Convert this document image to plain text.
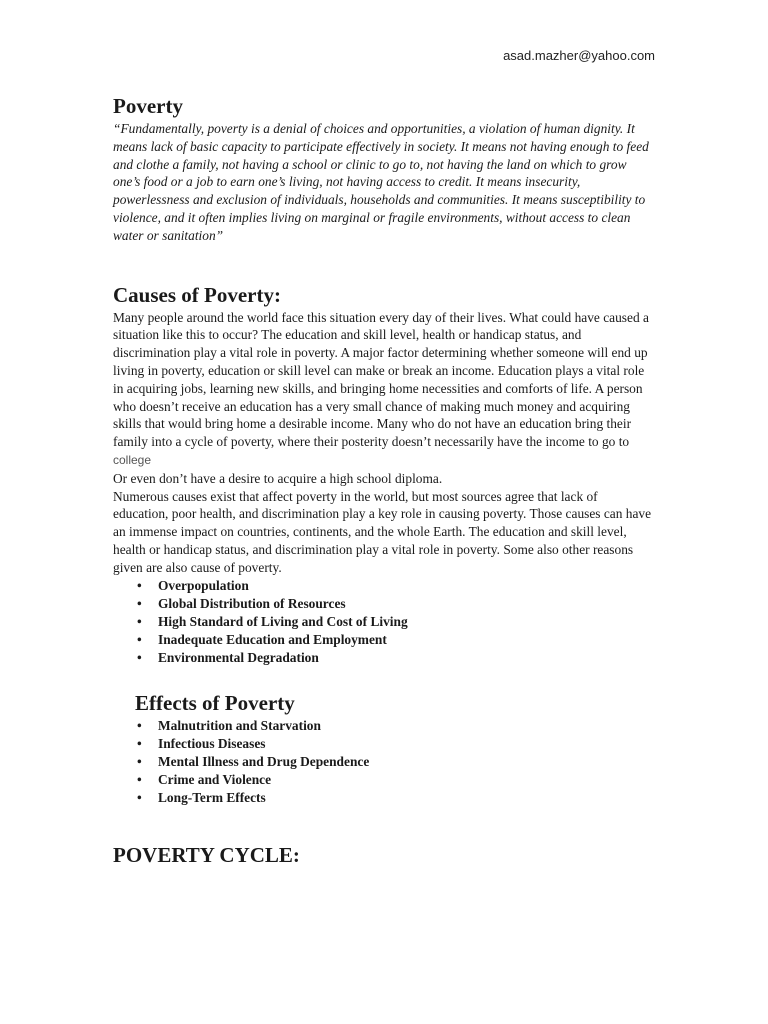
asad.mazher@yahoo.com
Poverty

“Fundamentally, poverty is a denial of choices and opportunities, a violation of human dignity. It means lack of basic capacity to participate effectively in society. It means not having enough to feed and clothe a family, not having a school or clinic to go to, not having the land on which to grow one’s food or a job to earn one’s living, not having access to credit. It means insecurity, powerlessness and exclusion of individuals, households and communities. It means susceptibility to violence, and it often implies living on marginal or fragile environments, without access to clean water or sanitation”

Causes of Poverty:

Many people around the world face this situation every day of their lives. What could have caused a situation like this to occur? The education and skill level, health or handicap status, and discrimination play a vital role in poverty. A major factor determining whether someone will end up living in poverty, education or skill level can make or break an income. Education plays a vital role in acquiring jobs, learning new skills, and bringing home necessities and comforts of life. A person who doesn’t receive an education has a very small chance of making much money and acquiring skills that would bring home a desirable income. Many who do not have an education bring their family into a cycle of poverty, where their posterity doesn’t necessarily have the income to go to college

Or even don’t have a desire to acquire a high school diploma.

Numerous causes exist that affect poverty in the world, but most sources agree that lack of education, poor health, and discrimination play a key role in causing poverty. Those causes can have an immense impact on countries, continents, and the whole Earth. The education and skill level, health or handicap status, and discrimination play a vital role in poverty. Some also other reasons given are also cause of poverty.

• Overpopulation
• Global Distribution of Resources
• High Standard of Living and Cost of Living
• Inadequate Education and Employment
• Environmental Degradation
Effects of Poverty
• Malnutrition and Starvation
• Infectious Diseases
• Mental Illness and Drug Dependence
• Crime and Violence
• Long-Term Effects
POVERTY CYCLE:
